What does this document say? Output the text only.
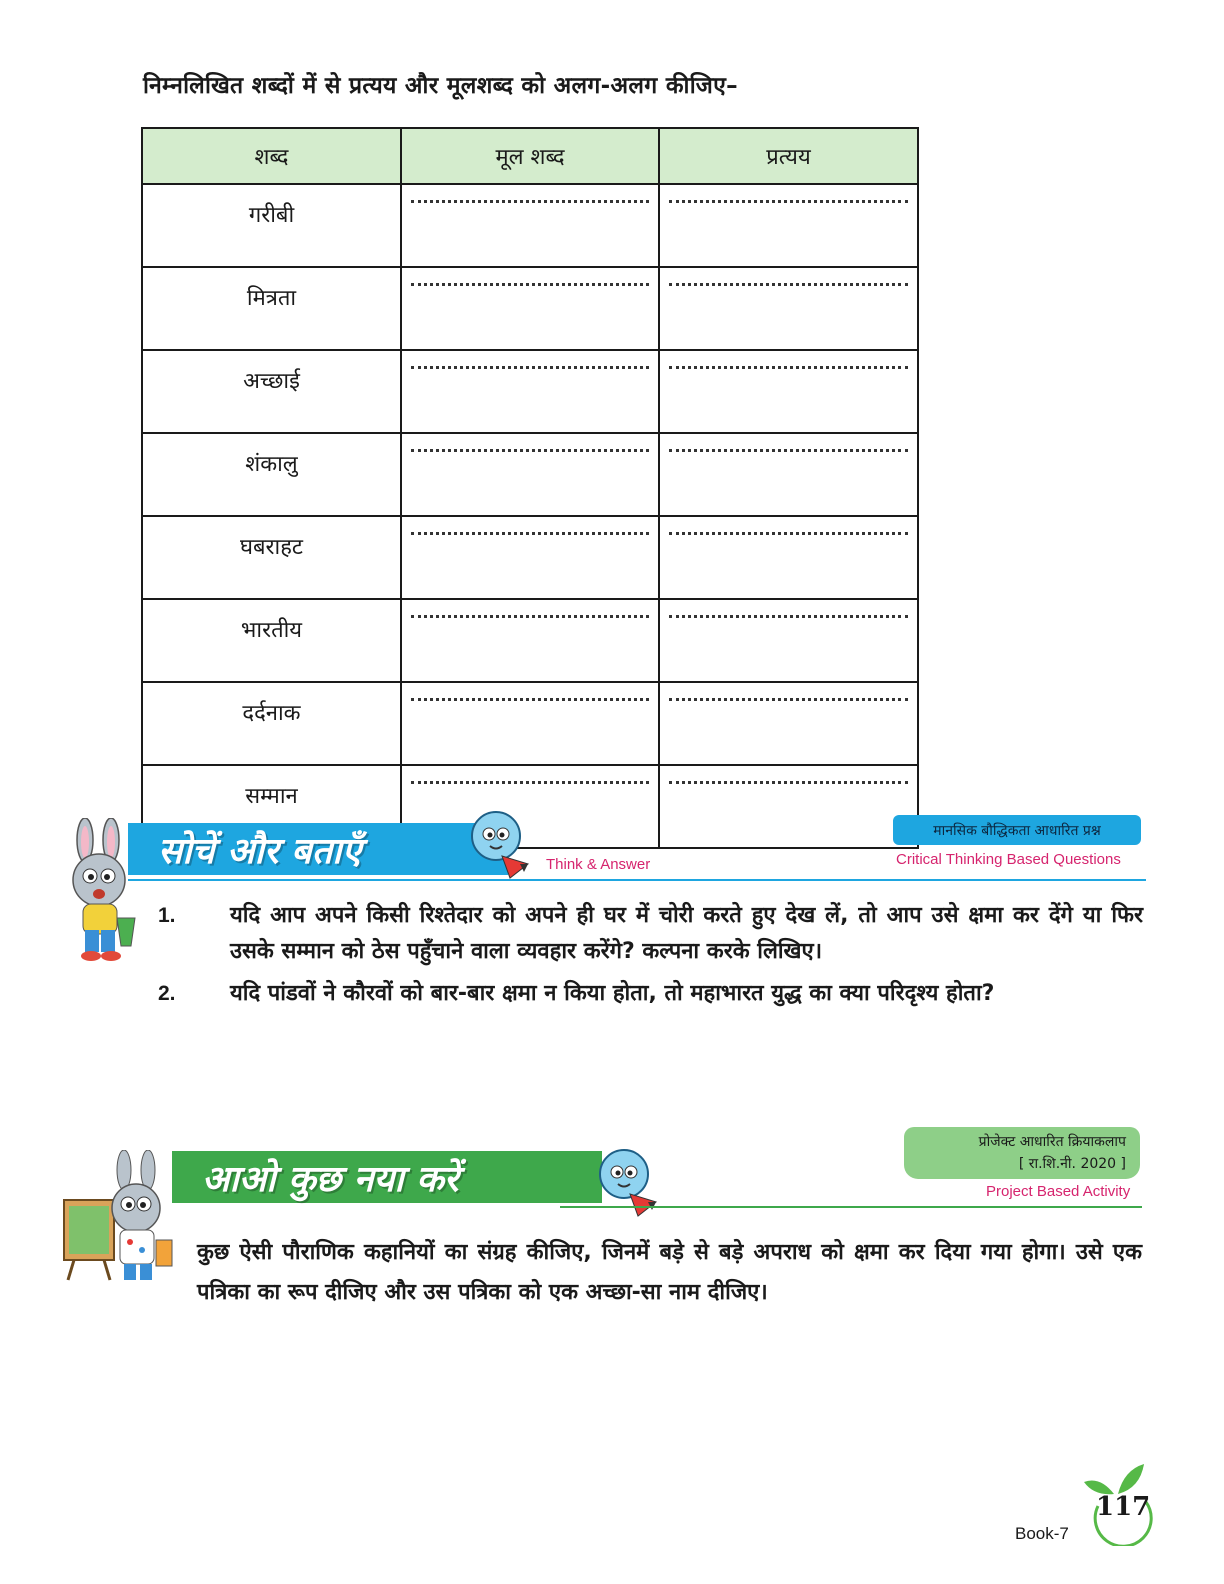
निम्नलिखित शब्दों में से प्रत्यय और मूलशब्द को अलग-अलग कीजिए–
शब्द	मूल शब्द	प्रत्यय
गरीबी	

मित्रता	

अच्छाई	

शंकालु	

घबराहट	

भारतीय	

दर्दनाक	

सम्मान	

सोचें और बताएँ	Think & Answer
मानसिक बौद्धिकता आधारित प्रश्न
Critical Thinking Based Questions
1.	यदि आप अपने किसी रिश्तेदार को अपने ही घर में चोरी करते हुए देख लें, तो आप उसे क्षमा कर देंगे या फिर उसके सम्मान को ठेस पहुँचाने वाला व्यवहार करेंगे? कल्पना करके लिखिए।
2.	यदि पांडवों ने कौरवों को बार-बार क्षमा न किया होता, तो महाभारत युद्ध का क्या परिदृश्य होता?
आओ कुछ नया करें
प्रोजेक्ट आधारित क्रियाकलाप
[ रा.शि.नी. 2020 ]
Project Based Activity
कुछ ऐसी पौराणिक कहानियों का संग्रह कीजिए, जिनमें बड़े से बड़े अपराध को क्षमा कर दिया गया होगा। उसे एक पत्रिका का रूप दीजिए और उस पत्रिका को एक अच्छा-सा नाम दीजिए।
Book-7
117
